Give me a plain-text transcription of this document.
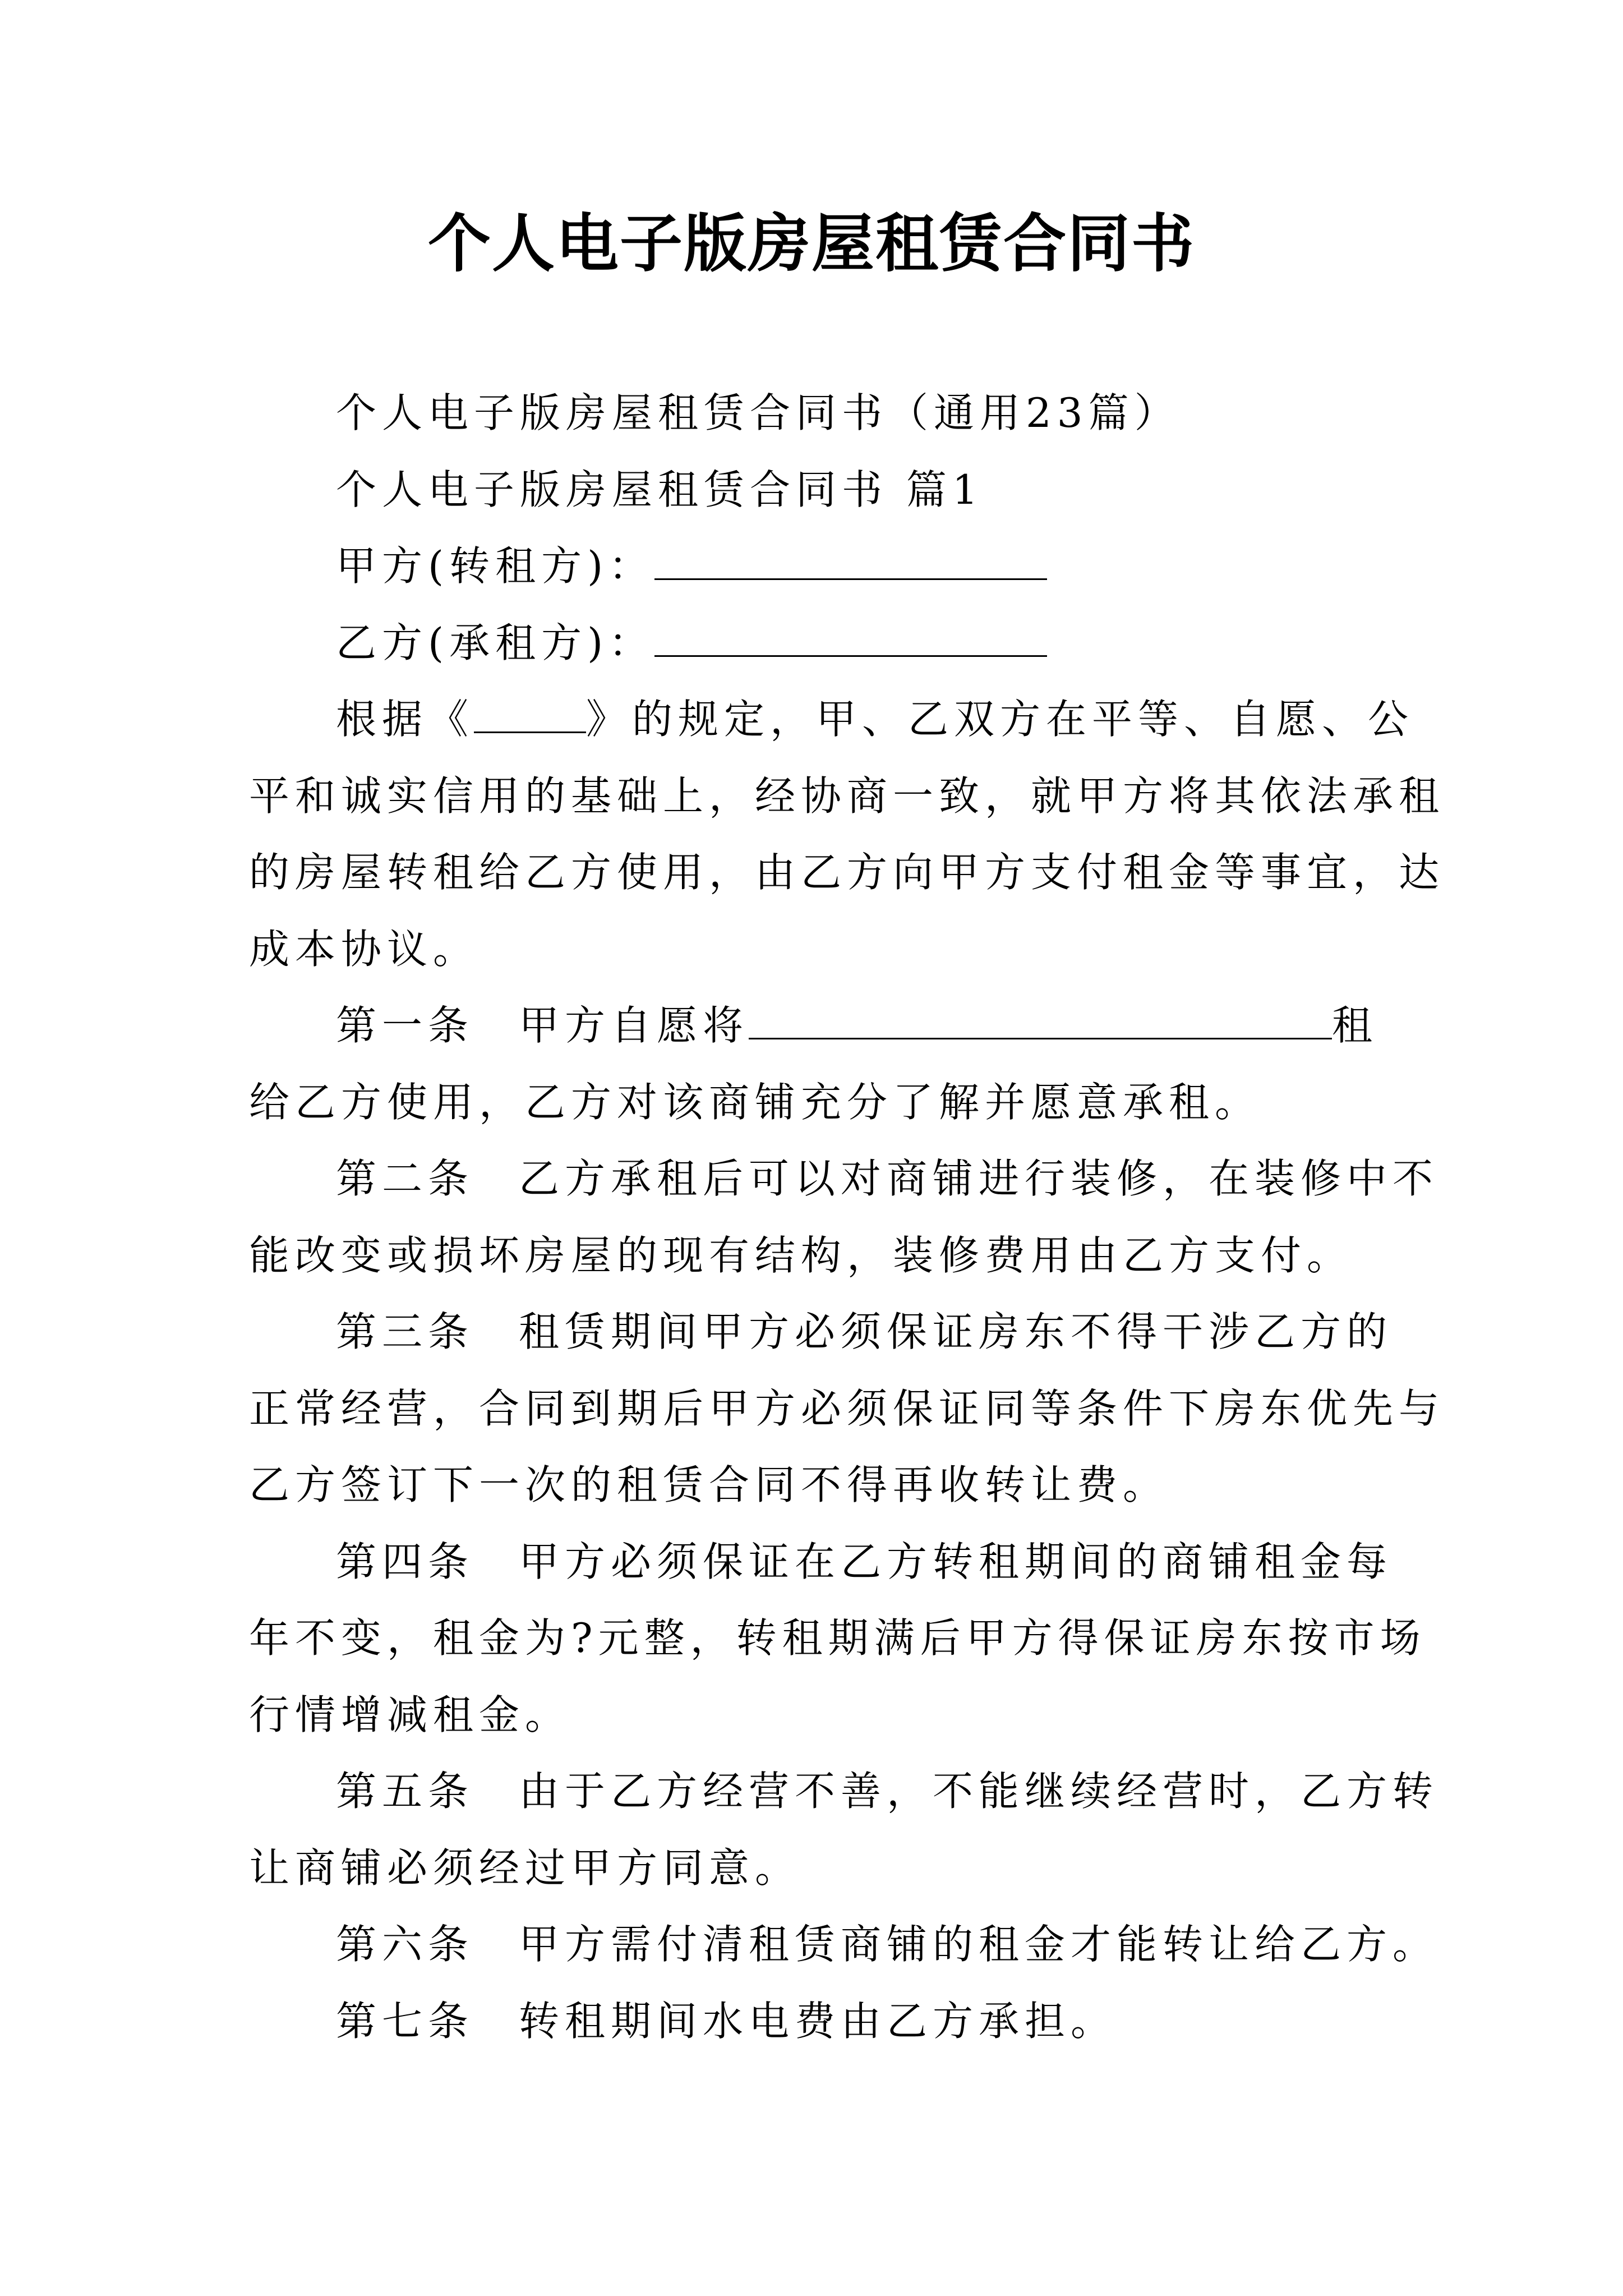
个人电子版房屋租赁合同书
个人电子版房屋租赁合同书（通用23篇）
个人电子版房屋租赁合同书 篇1
甲方(转租方)：
乙方(承租方)：
根据《	》的规定，甲、乙双方在平等、自愿、公
平和诚实信用的基础上，经协商一致，就甲方将其依法承租
的房屋转租给乙方使用，由乙方向甲方支付租金等事宜，达
成本协议。
第一条 甲方自愿将	租
给乙方使用，乙方对该商铺充分了解并愿意承租。
第二条 乙方承租后可以对商铺进行装修，在装修中不
能改变或损坏房屋的现有结构，装修费用由乙方支付。
第三条 租赁期间甲方必须保证房东不得干涉乙方的
正常经营，合同到期后甲方必须保证同等条件下房东优先与
乙方签订下一次的租赁合同不得再收转让费。
第四条 甲方必须保证在乙方转租期间的商铺租金每
年不变，租金为?元整，转租期满后甲方得保证房东按市场
行情增减租金。
第五条 由于乙方经营不善，不能继续经营时，乙方转
让商铺必须经过甲方同意。
第六条 甲方需付清租赁商铺的租金才能转让给乙方。
第七条 转租期间水电费由乙方承担。
